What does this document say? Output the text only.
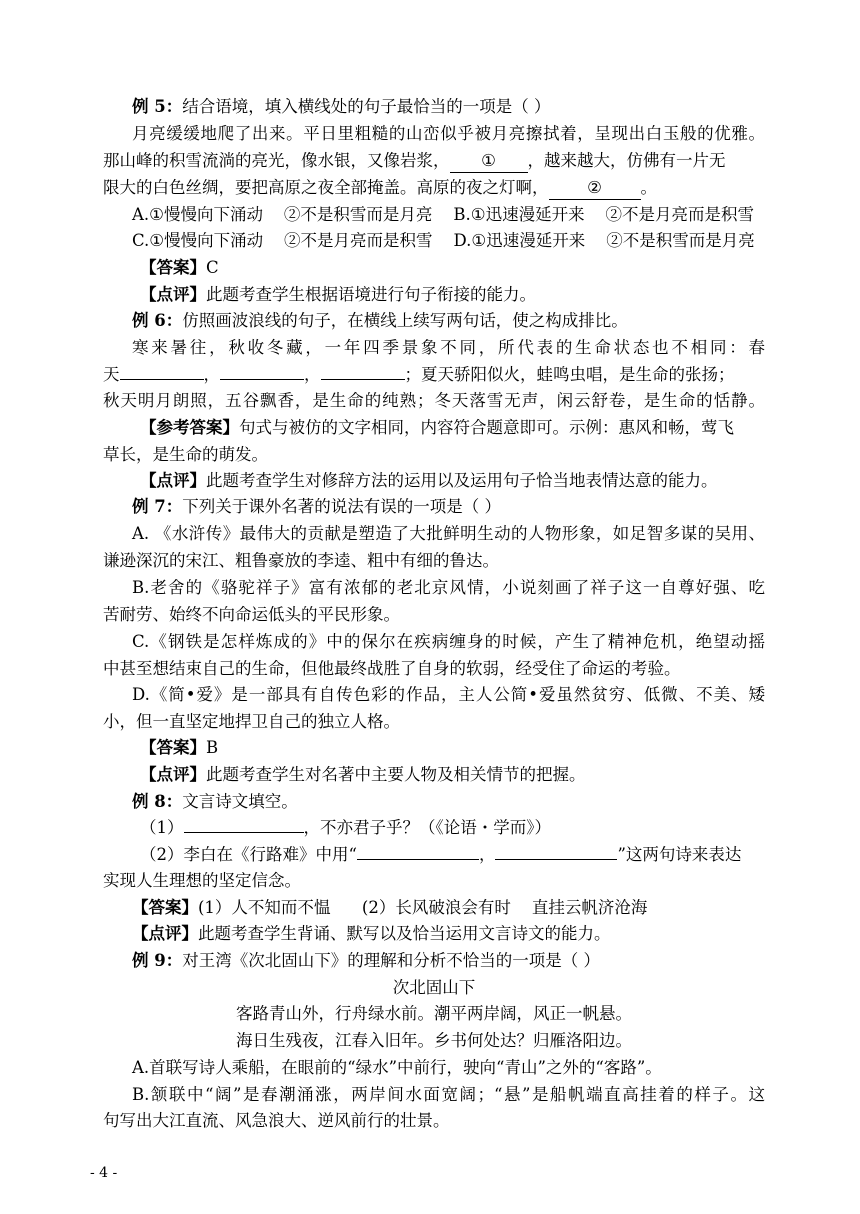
例 5：结合语境，填入横线处的句子最恰当的一项是（ ）
月亮缓缓地爬了出来。平日里粗糙的山峦似乎被月亮擦拭着，呈现出白玉般的优雅。
那山峰的积雪流淌的亮光，像水银，又像岩浆， ① ，越来越大，仿佛有一片无
限大的白色丝绸，要把高原之夜全部掩盖。高原的夜之灯啊， ② 。
A.①慢慢向下涌动    ②不是积雪而是月亮    B.①迅速漫延开来    ②不是月亮而是积雪
C.①慢慢向下涌动    ②不是月亮而是积雪    D.①迅速漫延开来    ②不是积雪而是月亮
【答案】C
【点评】此题考查学生根据语境进行句子衔接的能力。
例 6：仿照画波浪线的句子，在横线上续写两句话，使之构成排比。
寒来暑往，秋收冬藏，一年四季景象不同，所代表的生命状态也不相同：春
天	，	，	；夏天骄阳似火，蛙鸣虫唱，是生命的张扬；
秋天明月朗照，五谷飘香，是生命的纯熟；冬天落雪无声，闲云舒卷，是生命的恬静。
【参考答案】句式与被仿的文字相同，内容符合题意即可。示例：惠风和畅，莺飞
草长，是生命的萌发。
【点评】此题考查学生对修辞方法的运用以及运用句子恰当地表情达意的能力。
例 7：下列关于课外名著的说法有误的一项是（ ）
A. 《水浒传》最伟大的贡献是塑造了大批鲜明生动的人物形象，如足智多谋的吴用、
谦逊深沉的宋江、粗鲁豪放的李逵、粗中有细的鲁达。
B.老舍的《骆驼祥子》富有浓郁的老北京风情，小说刻画了祥子这一自尊好强、吃
苦耐劳、始终不向命运低头的平民形象。
C.《钢铁是怎样炼成的》中的保尔在疾病缠身的时候，产生了精神危机，绝望动摇
中甚至想结束自己的生命，但他最终战胜了自身的软弱，经受住了命运的考验。
D.《简•爱》是一部具有自传色彩的作品，主人公简•爱虽然贫穷、低微、不美、矮
小，但一直坚定地捍卫自己的独立人格。
【答案】B
【点评】此题考查学生对名著中主要人物及相关情节的把握。
例 8：文言诗文填空。
（1）	，不亦君子乎？（《论语・学而》）
（2）李白在《行路难》中用“	，	”这两句诗来表达
实现人生理想的坚定信念。
【答案】(1）人不知而不愠      (2）长风破浪会有时    直挂云帆济沧海
【点评】此题考查学生背诵、默写以及恰当运用文言诗文的能力。
例 9：对王湾《次北固山下》的理解和分析不恰当的一项是（ ）
次北固山下
客路青山外，行舟绿水前。潮平两岸阔，风正一帆悬。
海日生残夜，江春入旧年。乡书何处达？归雁洛阳边。
A.首联写诗人乘船，在眼前的“绿水”中前行，驶向“青山”之外的“客路”。
B.颔联中“阔”是春潮涌涨，两岸间水面宽阔；“悬”是船帆端直高挂着的样子。这
句写出大江直流、风急浪大、逆风前行的壮景。
- 4 -
